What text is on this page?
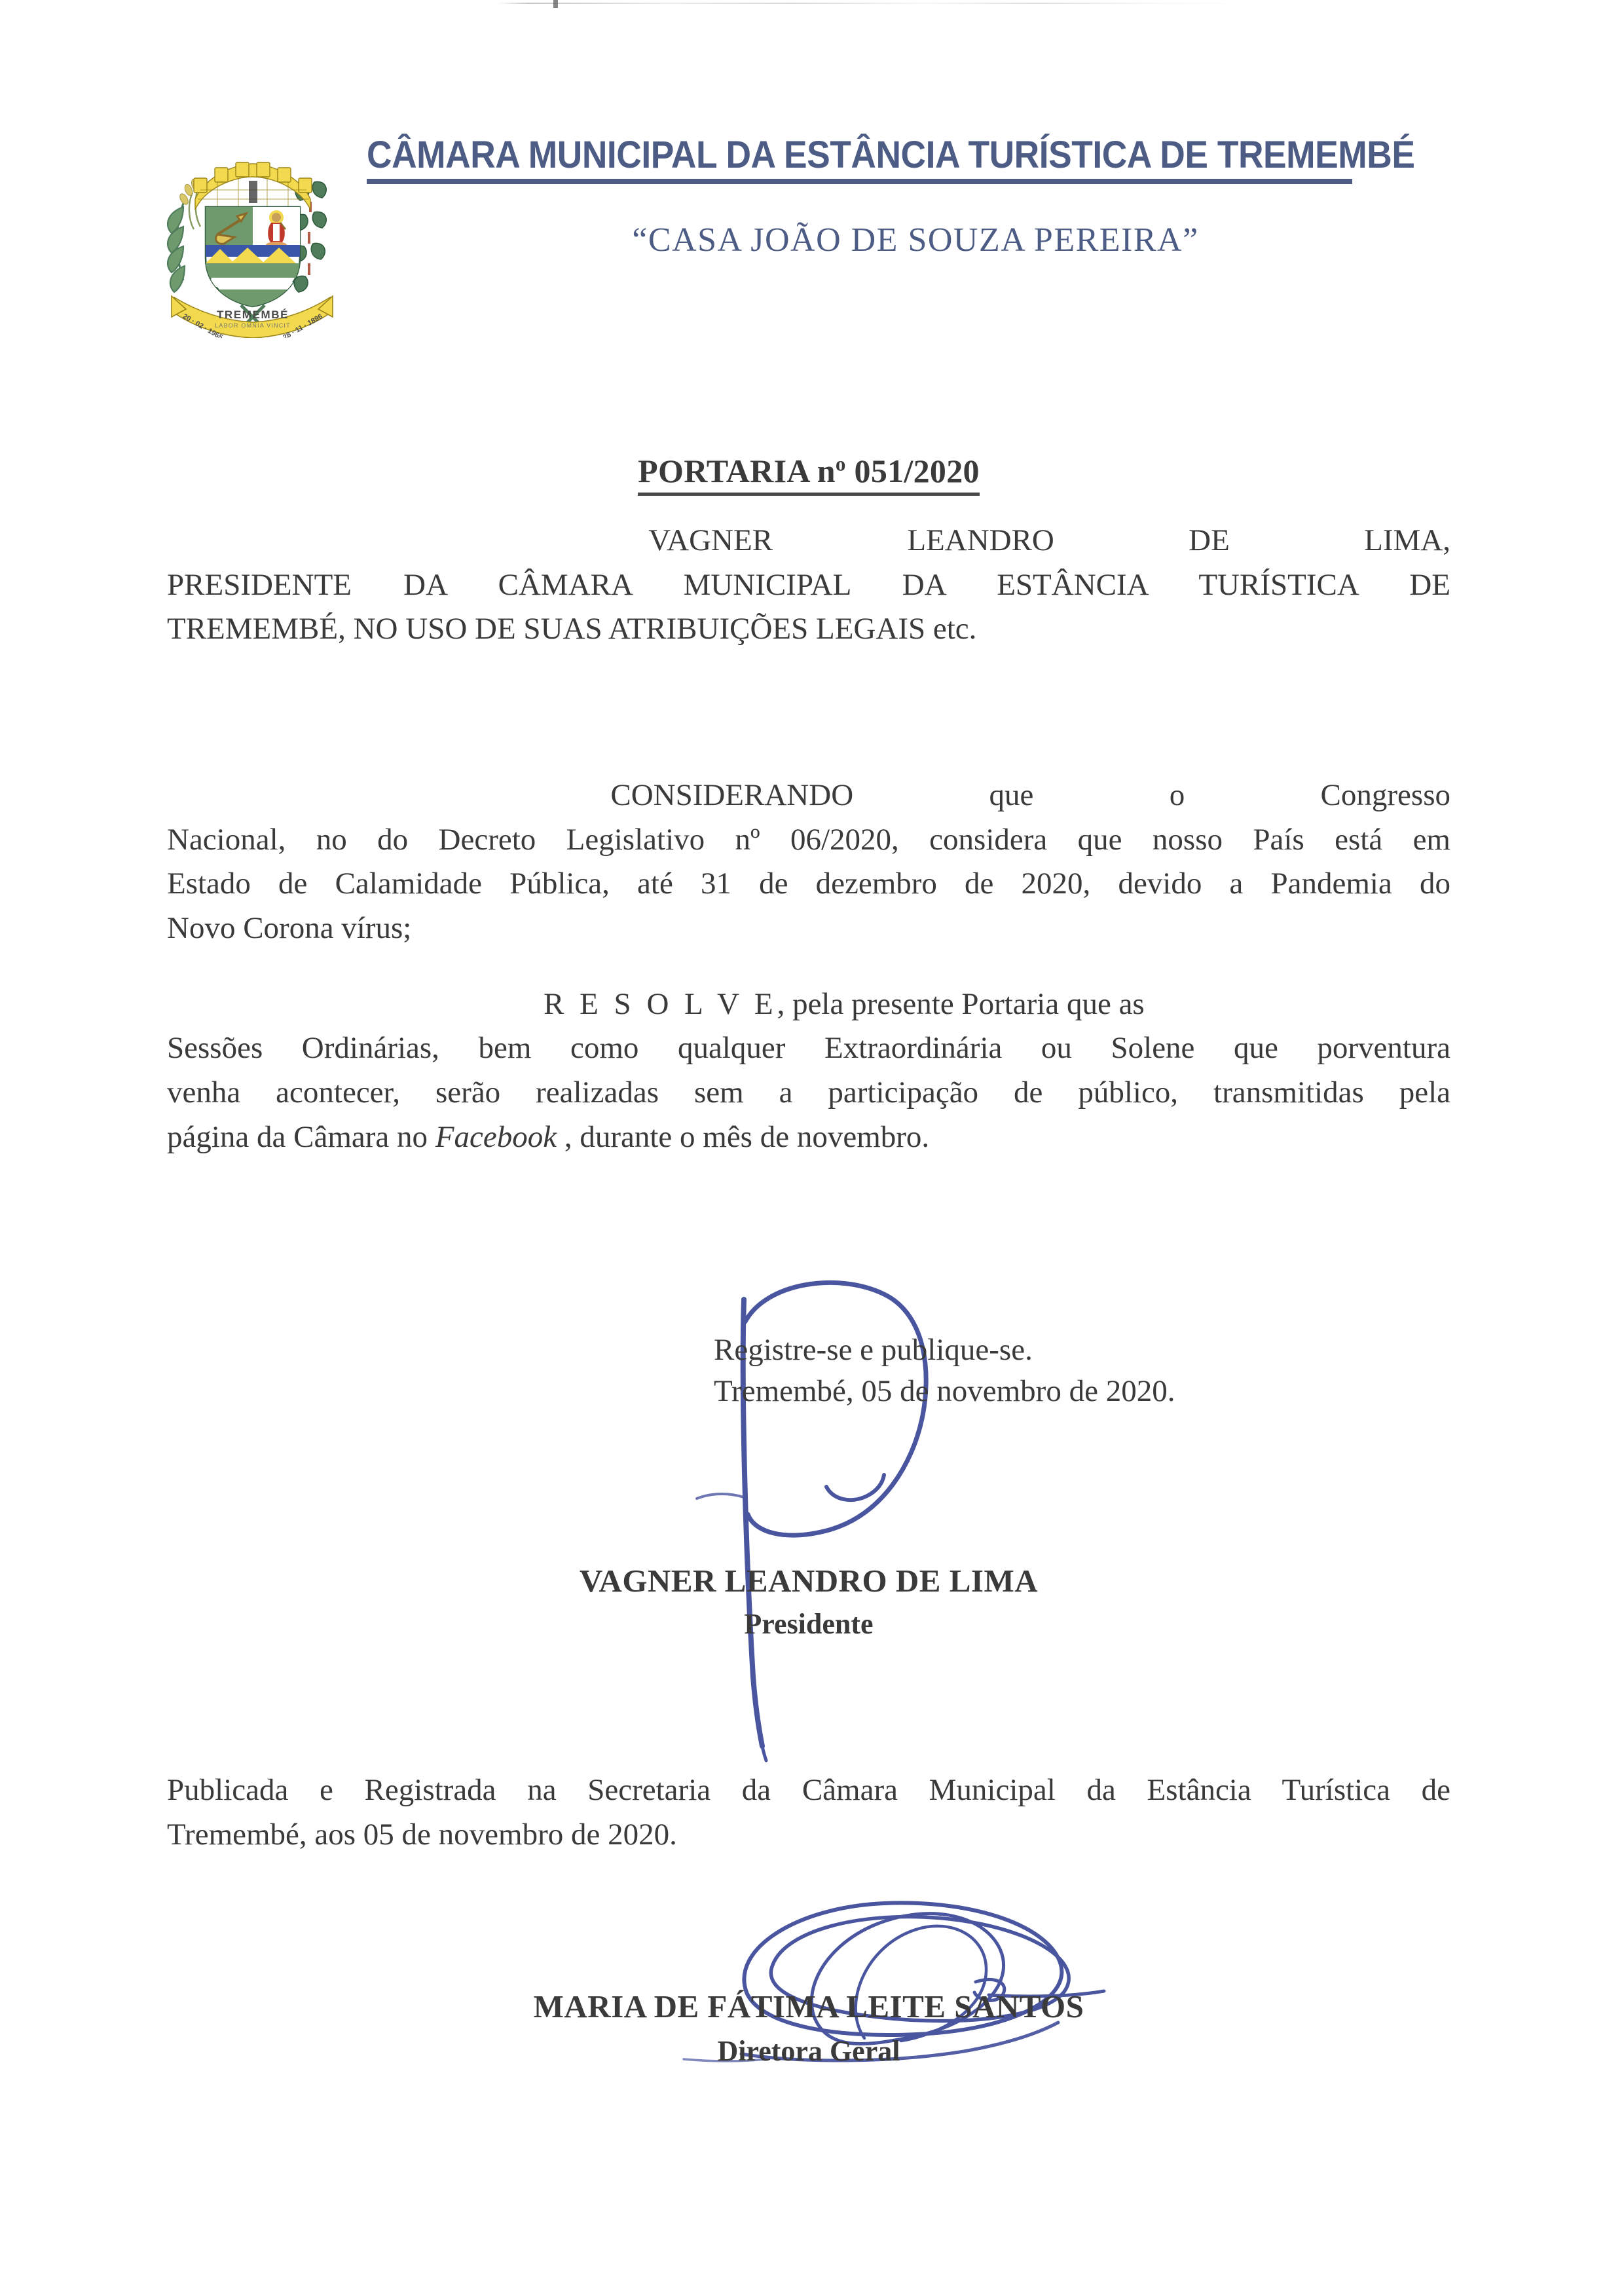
TREMEMBÉ
LABOR OMNIA VINCIT
20 · 02 · 1965	28 · 11 · 1896
CÂMARA MUNICIPAL DA ESTÂNCIA TURÍSTICA DE TREMEMBÉ
“CASA JOÃO DE SOUZA PEREIRA”
PORTARIA $n^o$ 051/2020
VAGNER	LEANDRO	DE	LIMA,
PRESIDENTE DA CÂMARA MUNICIPAL DA ESTÂNCIA TURÍSTICA DE
TREMEMBÉ, NO USO DE SUAS ATRIBUIÇÕES LEGAIS etc.
CONSIDERANDO	que	o	Congresso
Nacional, no do Decreto Legislativo nº 06/2020, considera que nosso País está em
Estado de Calamidade Pública, até 31 de dezembro de 2020, devido a Pandemia do
Novo Corona vírus;
R E S O L V E , pela presente Portaria que as
Sessões Ordinárias, bem como qualquer Extraordinária ou Solene que porventura
venha acontecer, serão realizadas sem a participação de público, transmitidas pela
página da Câmara no Facebook , durante o mês de novembro.
Registre-se e publique-se.
Tremembé, 05 de novembro de 2020.
VAGNER LEANDRO DE LIMA
Presidente
Publicada e Registrada na Secretaria da Câmara Municipal da Estância Turística de
Tremembé, aos 05 de novembro de 2020.
MARIA DE FÁTIMA LEITE SANTOS
Diretora Geral
